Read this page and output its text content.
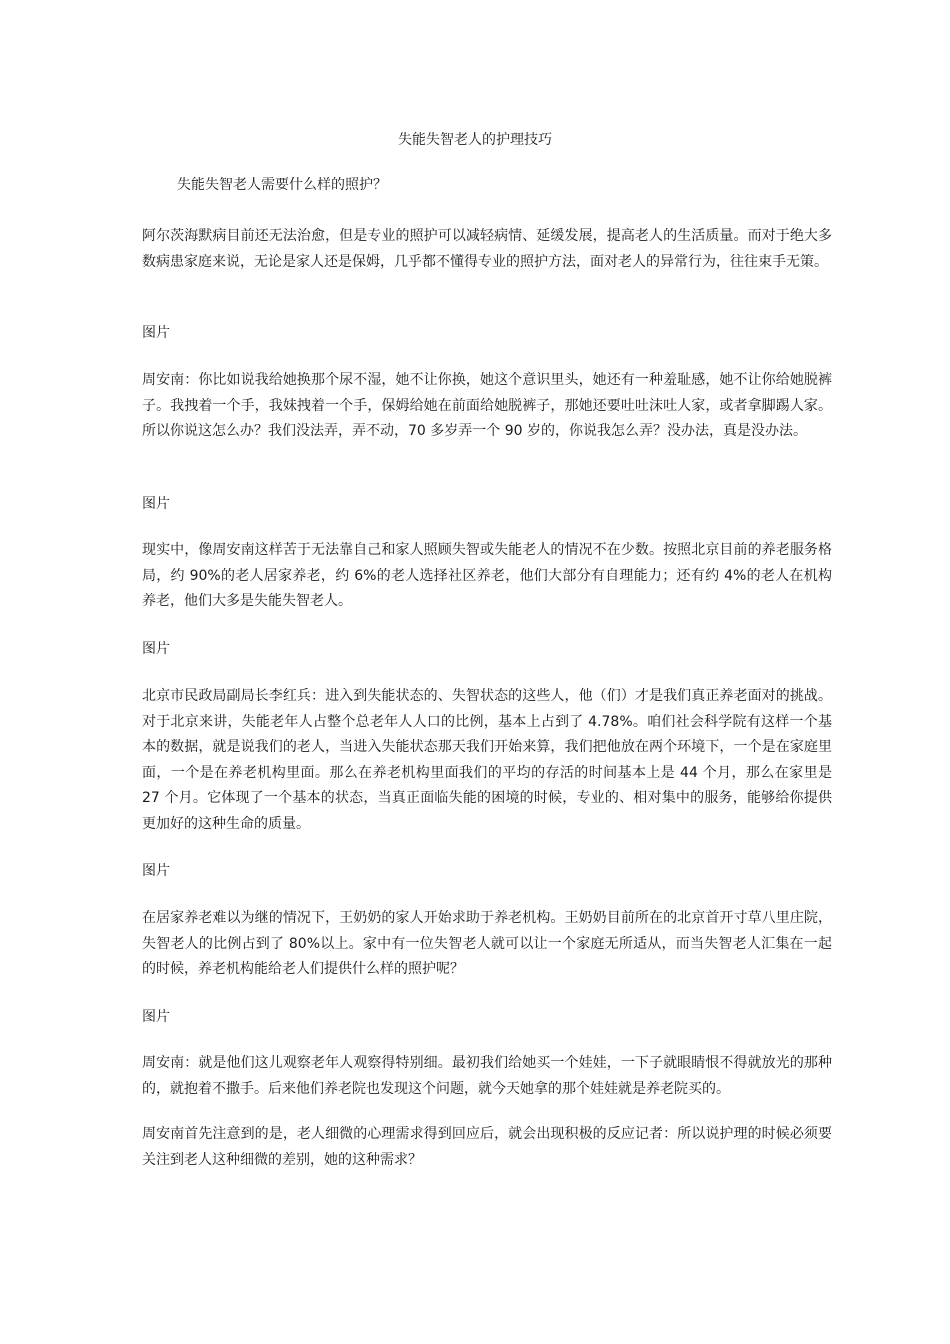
失能失智老人的护理技巧
失能失智老人需要什么样的照护？

阿尔茨海默病目前还无法治愈，但是专业的照护可以减轻病情、延缓发展，提高老人的生活质量。而对于绝大多数病患家庭来说，无论是家人还是保姆，几乎都不懂得专业的照护方法，面对老人的异常行为，往往束手无策。

图片

周安南：你比如说我给她换那个尿不湿，她不让你换，她这个意识里头，她还有一种羞耻感，她不让你给她脱裤子。我拽着一个手，我妹拽着一个手，保姆给她在前面给她脱裤子，那她还要吐吐沫吐人家，或者拿脚踢人家。所以你说这怎么办？我们没法弄，弄不动，70 多岁弄一个 90 岁的，你说我怎么弄？没办法，真是没办法。

图片

现实中，像周安南这样苦于无法靠自己和家人照顾失智或失能老人的情况不在少数。按照北京目前的养老服务格局，约 90%的老人居家养老，约 6%的老人选择社区养老，他们大部分有自理能力；还有约 4%的老人在机构养老，他们大多是失能失智老人。

图片

北京市民政局副局长李红兵：进入到失能状态的、失智状态的这些人，他（们）才是我们真正养老面对的挑战。对于北京来讲，失能老年人占整个总老年人人口的比例，基本上占到了 4.78%。咱们社会科学院有这样一个基本的数据，就是说我们的老人，当进入失能状态那天我们开始来算，我们把他放在两个环境下，一个是在家庭里面，一个是在养老机构里面。那么在养老机构里面我们的平均的存活的时间基本上是 44 个月，那么在家里是 27 个月。它体现了一个基本的状态，当真正面临失能的困境的时候，专业的、相对集中的服务，能够给你提供更加好的这种生命的质量。

图片

在居家养老难以为继的情况下，王奶奶的家人开始求助于养老机构。王奶奶目前所在的北京首开寸草八里庄院，失智老人的比例占到了 80%以上。家中有一位失智老人就可以让一个家庭无所适从，而当失智老人汇集在一起的时候，养老机构能给老人们提供什么样的照护呢？

图片

周安南：就是他们这儿观察老年人观察得特别细。最初我们给她买一个娃娃，一下子就眼睛恨不得就放光的那种的，就抱着不撒手。后来他们养老院也发现这个问题，就今天她拿的那个娃娃就是养老院买的。

周安南首先注意到的是，老人细微的心理需求得到回应后，就会出现积极的反应记者：所以说护理的时候必须要关注到老人这种细微的差别，她的这种需求？
